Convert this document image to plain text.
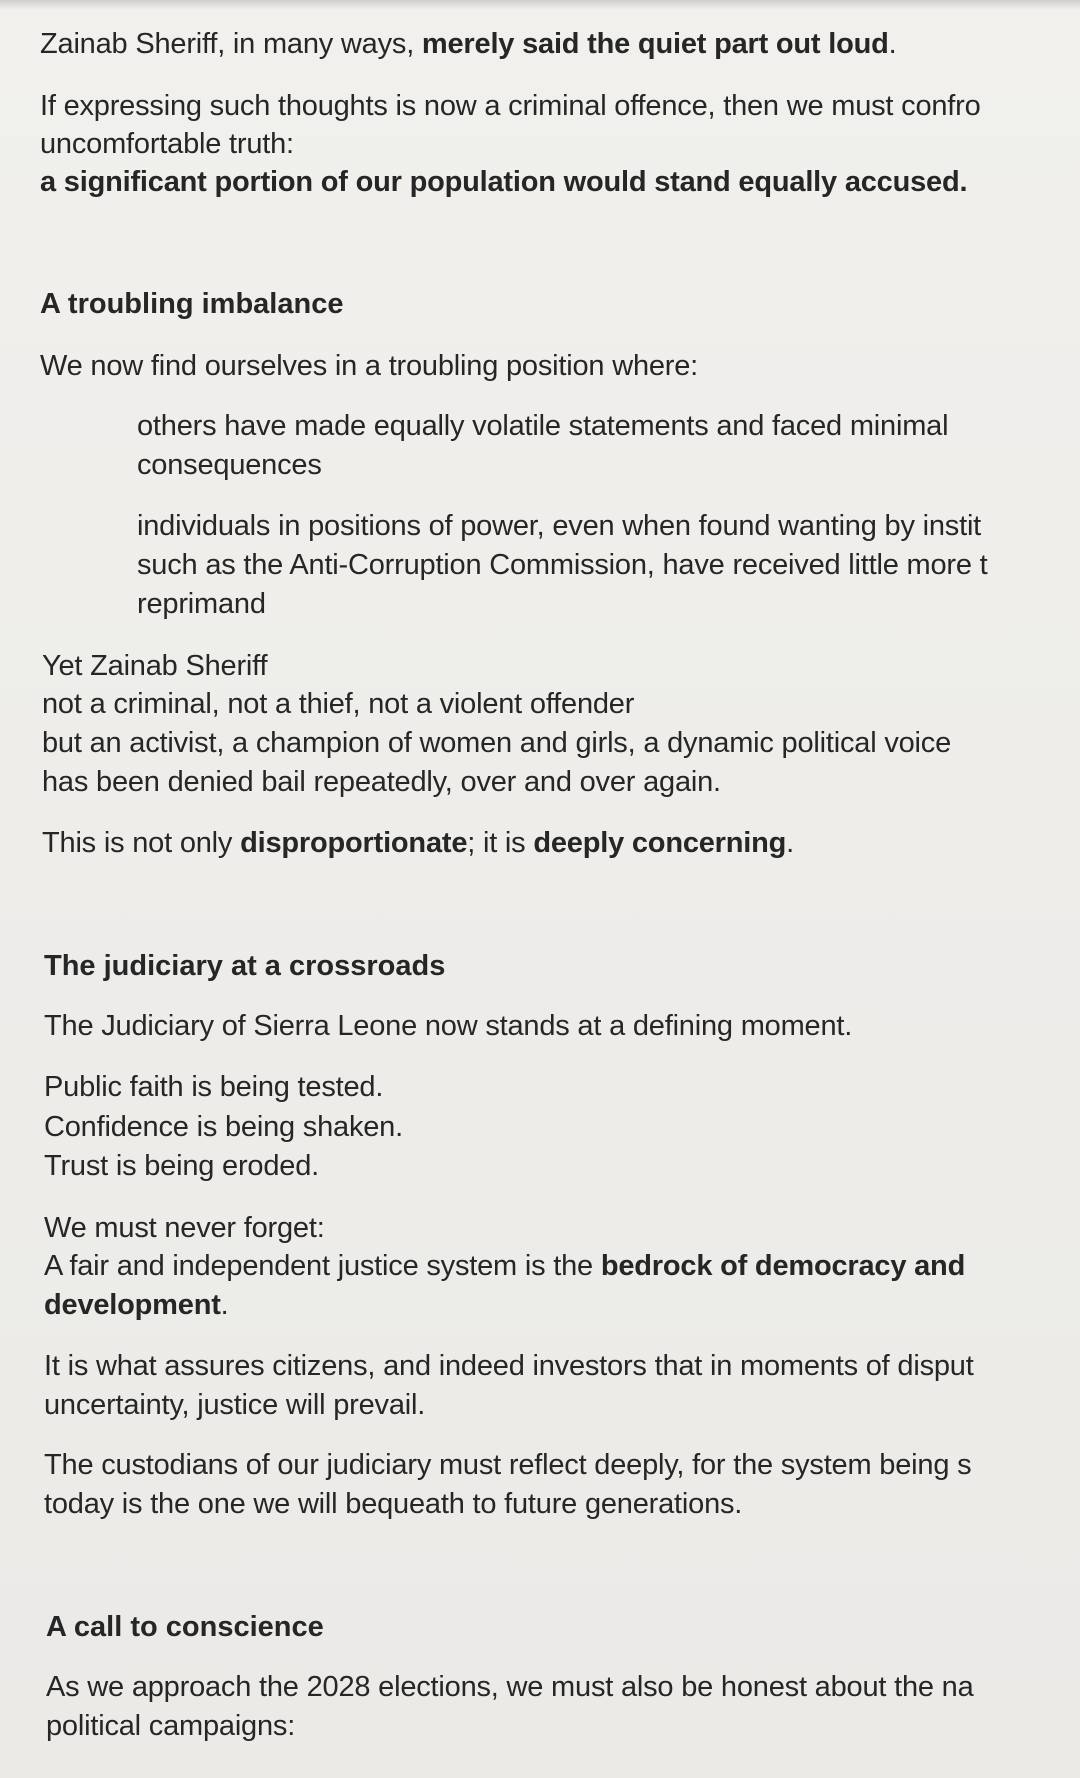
Zainab Sheriff, in many ways, merely said the quiet part out loud.
If expressing such thoughts is now a criminal offence, then we must confro
uncomfortable truth:
a significant portion of our population would stand equally accused.
A troubling imbalance
We now find ourselves in a troubling position where:
others have made equally volatile statements and faced minimal
consequences
individuals in positions of power, even when found wanting by instit
such as the Anti-Corruption Commission, have received little more t
reprimand
Yet Zainab Sheriff
not a criminal, not a thief, not a violent offender
but an activist, a champion of women and girls, a dynamic political voice
has been denied bail repeatedly, over and over again.
This is not only disproportionate; it is deeply concerning.
The judiciary at a crossroads
The Judiciary of Sierra Leone now stands at a defining moment.
Public faith is being tested.
Confidence is being shaken.
Trust is being eroded.
We must never forget:
A fair and independent justice system is the bedrock of democracy and
development.
It is what assures citizens, and indeed investors that in moments of disput
uncertainty, justice will prevail.
The custodians of our judiciary must reflect deeply, for the system being s
today is the one we will bequeath to future generations.
A call to conscience
As we approach the 2028 elections, we must also be honest about the na
political campaigns:
